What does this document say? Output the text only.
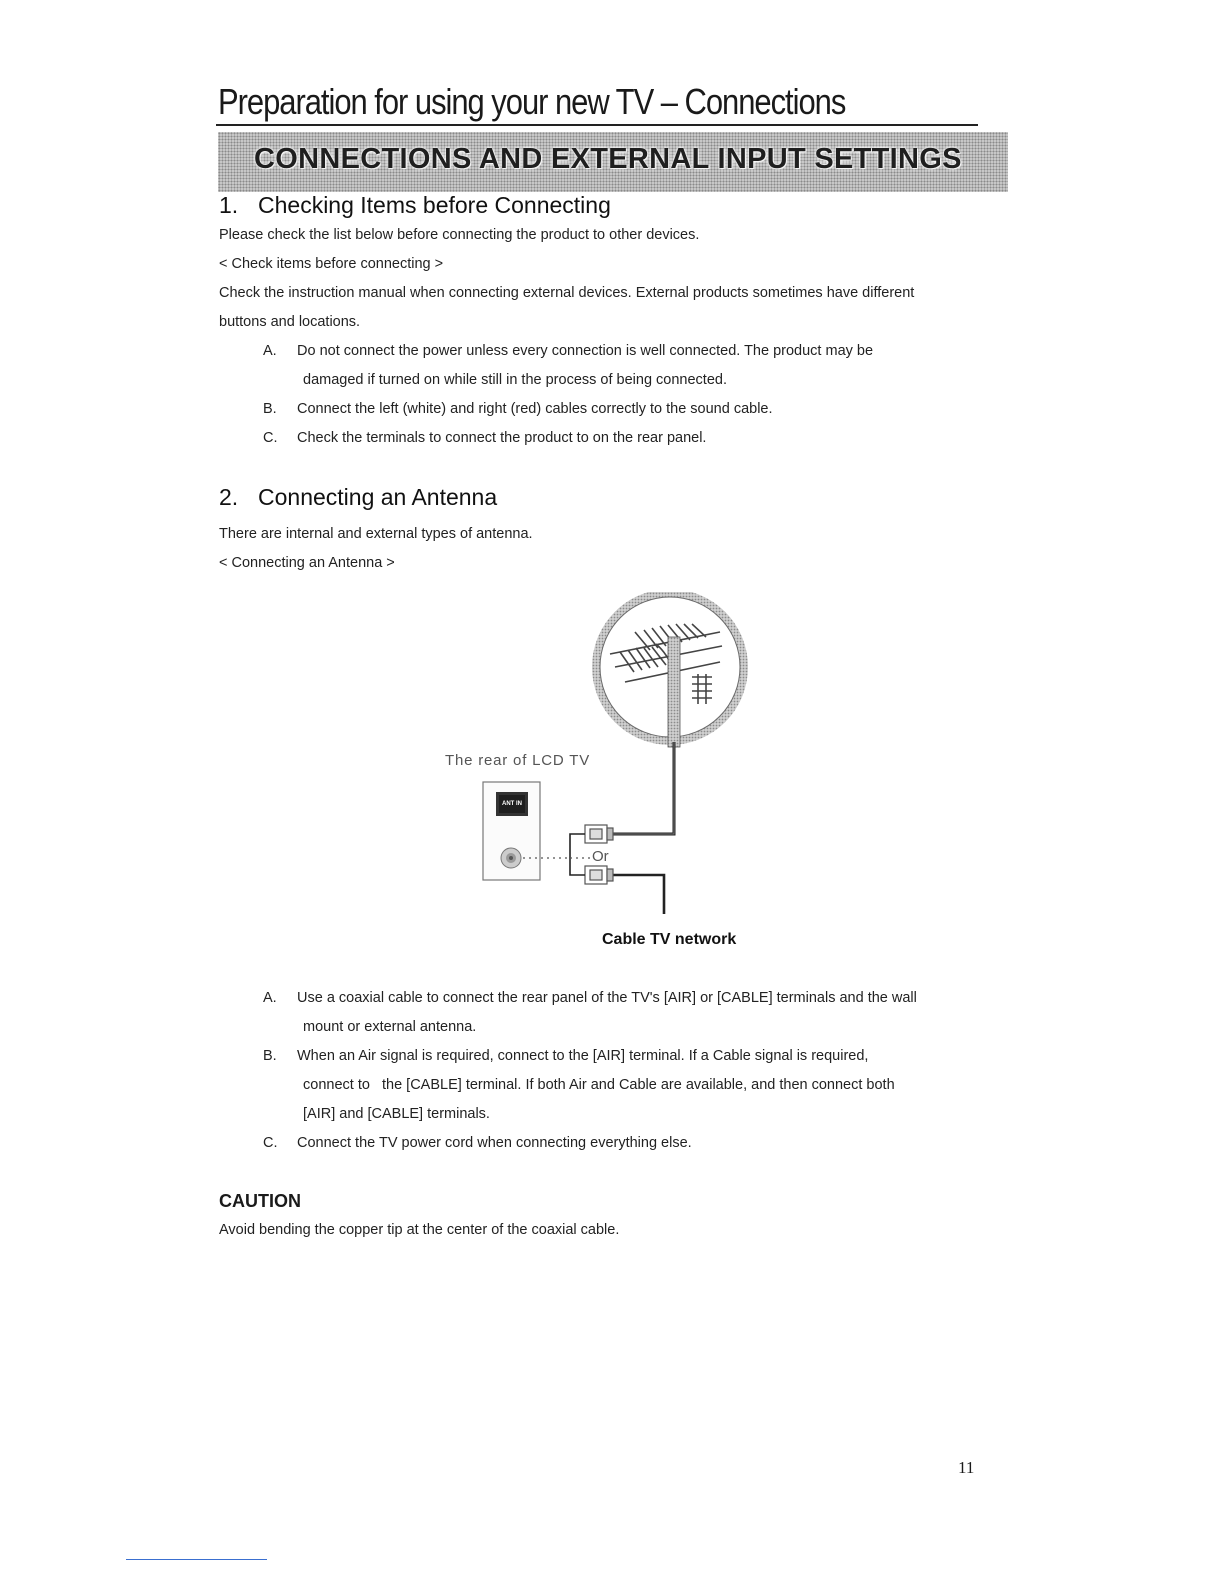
Preparation for using your new TV – Connections
CONNECTIONS AND EXTERNAL INPUT SETTINGS
1. Checking Items before Connecting

Please check the list below before connecting the product to other devices.

< Check items before connecting >

Check the instruction manual when connecting external devices. External products sometimes have different

buttons and locations.

A. Do not connect the power unless every connection is well connected. The product may be

damaged if turned on while still in the process of being connected.

B. Connect the left (white) and right (red) cables correctly to the sound cable.

C. Check the terminals to connect the product to on the rear panel.

2. Connecting an Antenna

There are internal and external types of antenna.

< Connecting an Antenna >

ANT IN
The rear of LCD TV
Or
Cable TV network

A. Use a coaxial cable to connect the rear panel of the TV's [AIR] or [CABLE] terminals and the wall

mount or external antenna.

B. When an Air signal is required, connect to the [AIR] terminal. If a Cable signal is required,

connect to   the [CABLE] terminal. If both Air and Cable are available, and then connect both

[AIR] and [CABLE] terminals.

C. Connect the TV power cord when connecting everything else.

CAUTION

Avoid bending the copper tip at the center of the coaxial cable.

11
